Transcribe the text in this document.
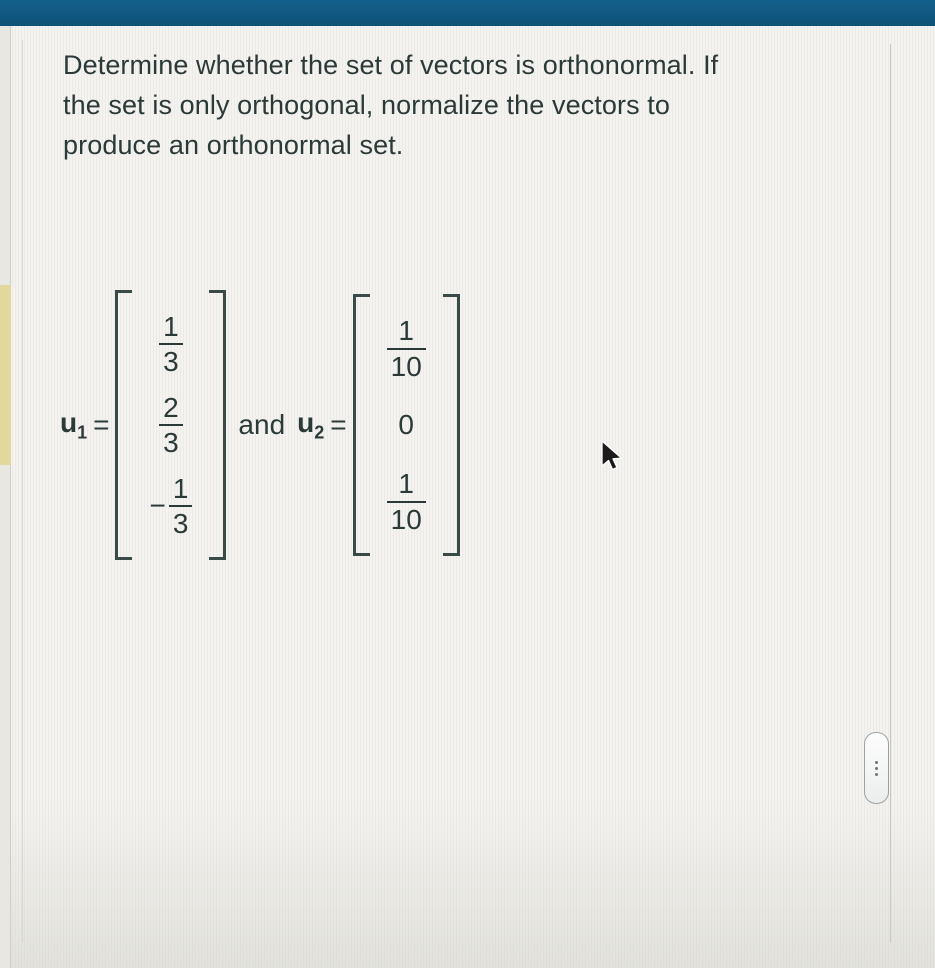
Determine whether the set of vectors is orthonormal. If the set is only orthogonal, normalize the vectors to produce an orthonormal set.
$u_1$ =
$\frac{1}{3}$
$\frac{2}{3}$
− $\frac{1}{3}$
and $u_2$ =
$\frac{1}{10}$
0
$\frac{1}{10}$
